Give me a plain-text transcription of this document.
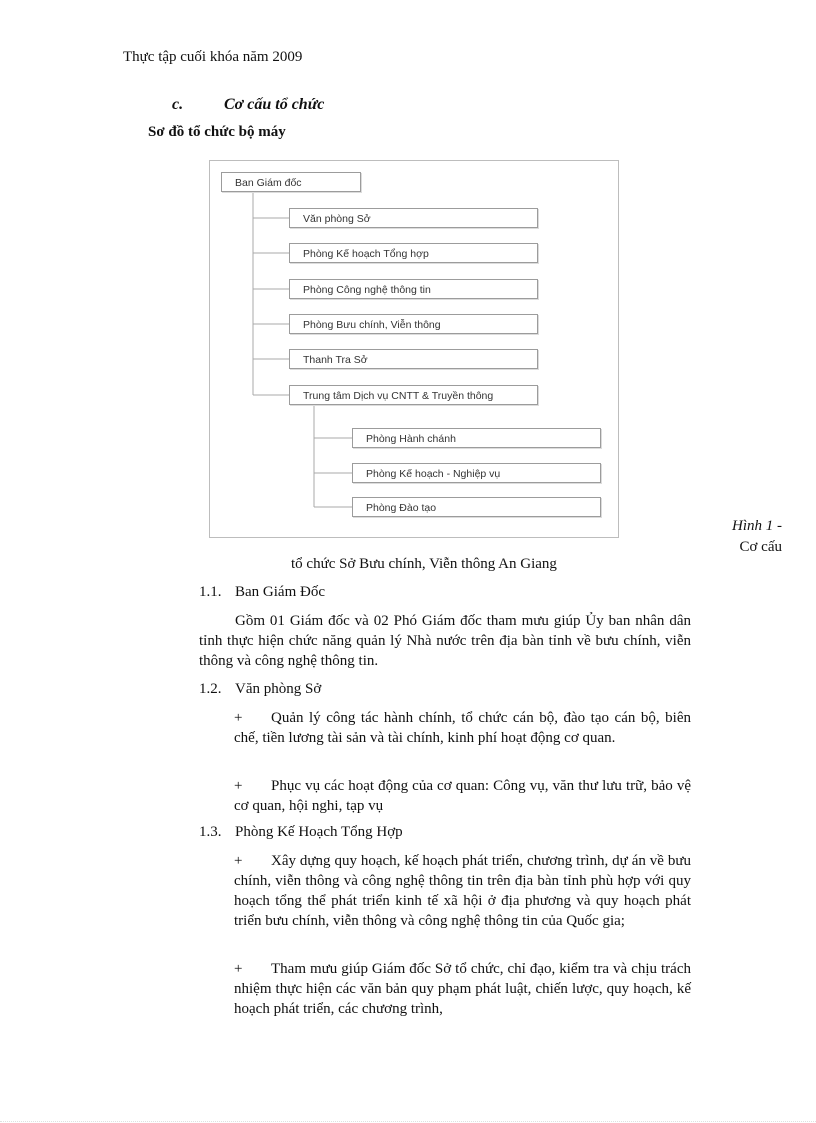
Thực tập cuối khóa năm 2009
c.	Cơ cấu tổ chức
Sơ đồ tổ chức bộ máy
Ban Giám đốc
Văn phòng Sở
Phòng Kế hoạch Tổng hợp
Phòng Công nghệ thông tin
Phòng Bưu chính, Viễn thông
Thanh Tra Sở
Trung tâm Dịch vụ CNTT & Truyền thông
Phòng Hành chánh
Phòng Kế hoạch - Nghiệp vụ
Phòng Đào tạo
Hình 1 -
Cơ cấu
tổ chức Sở Bưu chính, Viễn thông An Giang
1.1. Ban Giám Đốc
Gồm 01 Giám đốc và 02 Phó Giám đốc tham mưu giúp Ủy ban nhân dân tỉnh thực hiện chức năng quản lý Nhà nước trên địa bàn tỉnh về bưu chính, viễn thông và công nghệ thông tin.
1.2. Văn phòng Sở
+ Quản lý công tác hành chính, tổ chức cán bộ, đào tạo cán bộ, biên chế, tiền lương tài sản và tài chính, kinh phí hoạt động cơ quan.
+ Phục vụ các hoạt động của cơ quan: Công vụ, văn thư lưu trữ, bảo vệ cơ quan, hội nghi, tạp vụ
1.3. Phòng Kế Hoạch Tổng Hợp
+ Xây dựng quy hoạch, kế hoạch phát triển, chương trình, dự án về bưu chính, viễn thông và công nghệ thông tin trên địa bàn tỉnh phù hợp với quy hoạch tổng thể phát triển kinh tế xã hội ở địa phương và quy hoạch phát triển bưu chính, viễn thông và công nghệ thông tin của Quốc gia;
+ Tham mưu giúp Giám đốc Sở tổ chức, chỉ đạo, kiểm tra và chịu trách nhiệm thực hiện các văn bản quy phạm phát luật, chiến lược, quy hoạch, kế hoạch phát triển, các chương trình,
